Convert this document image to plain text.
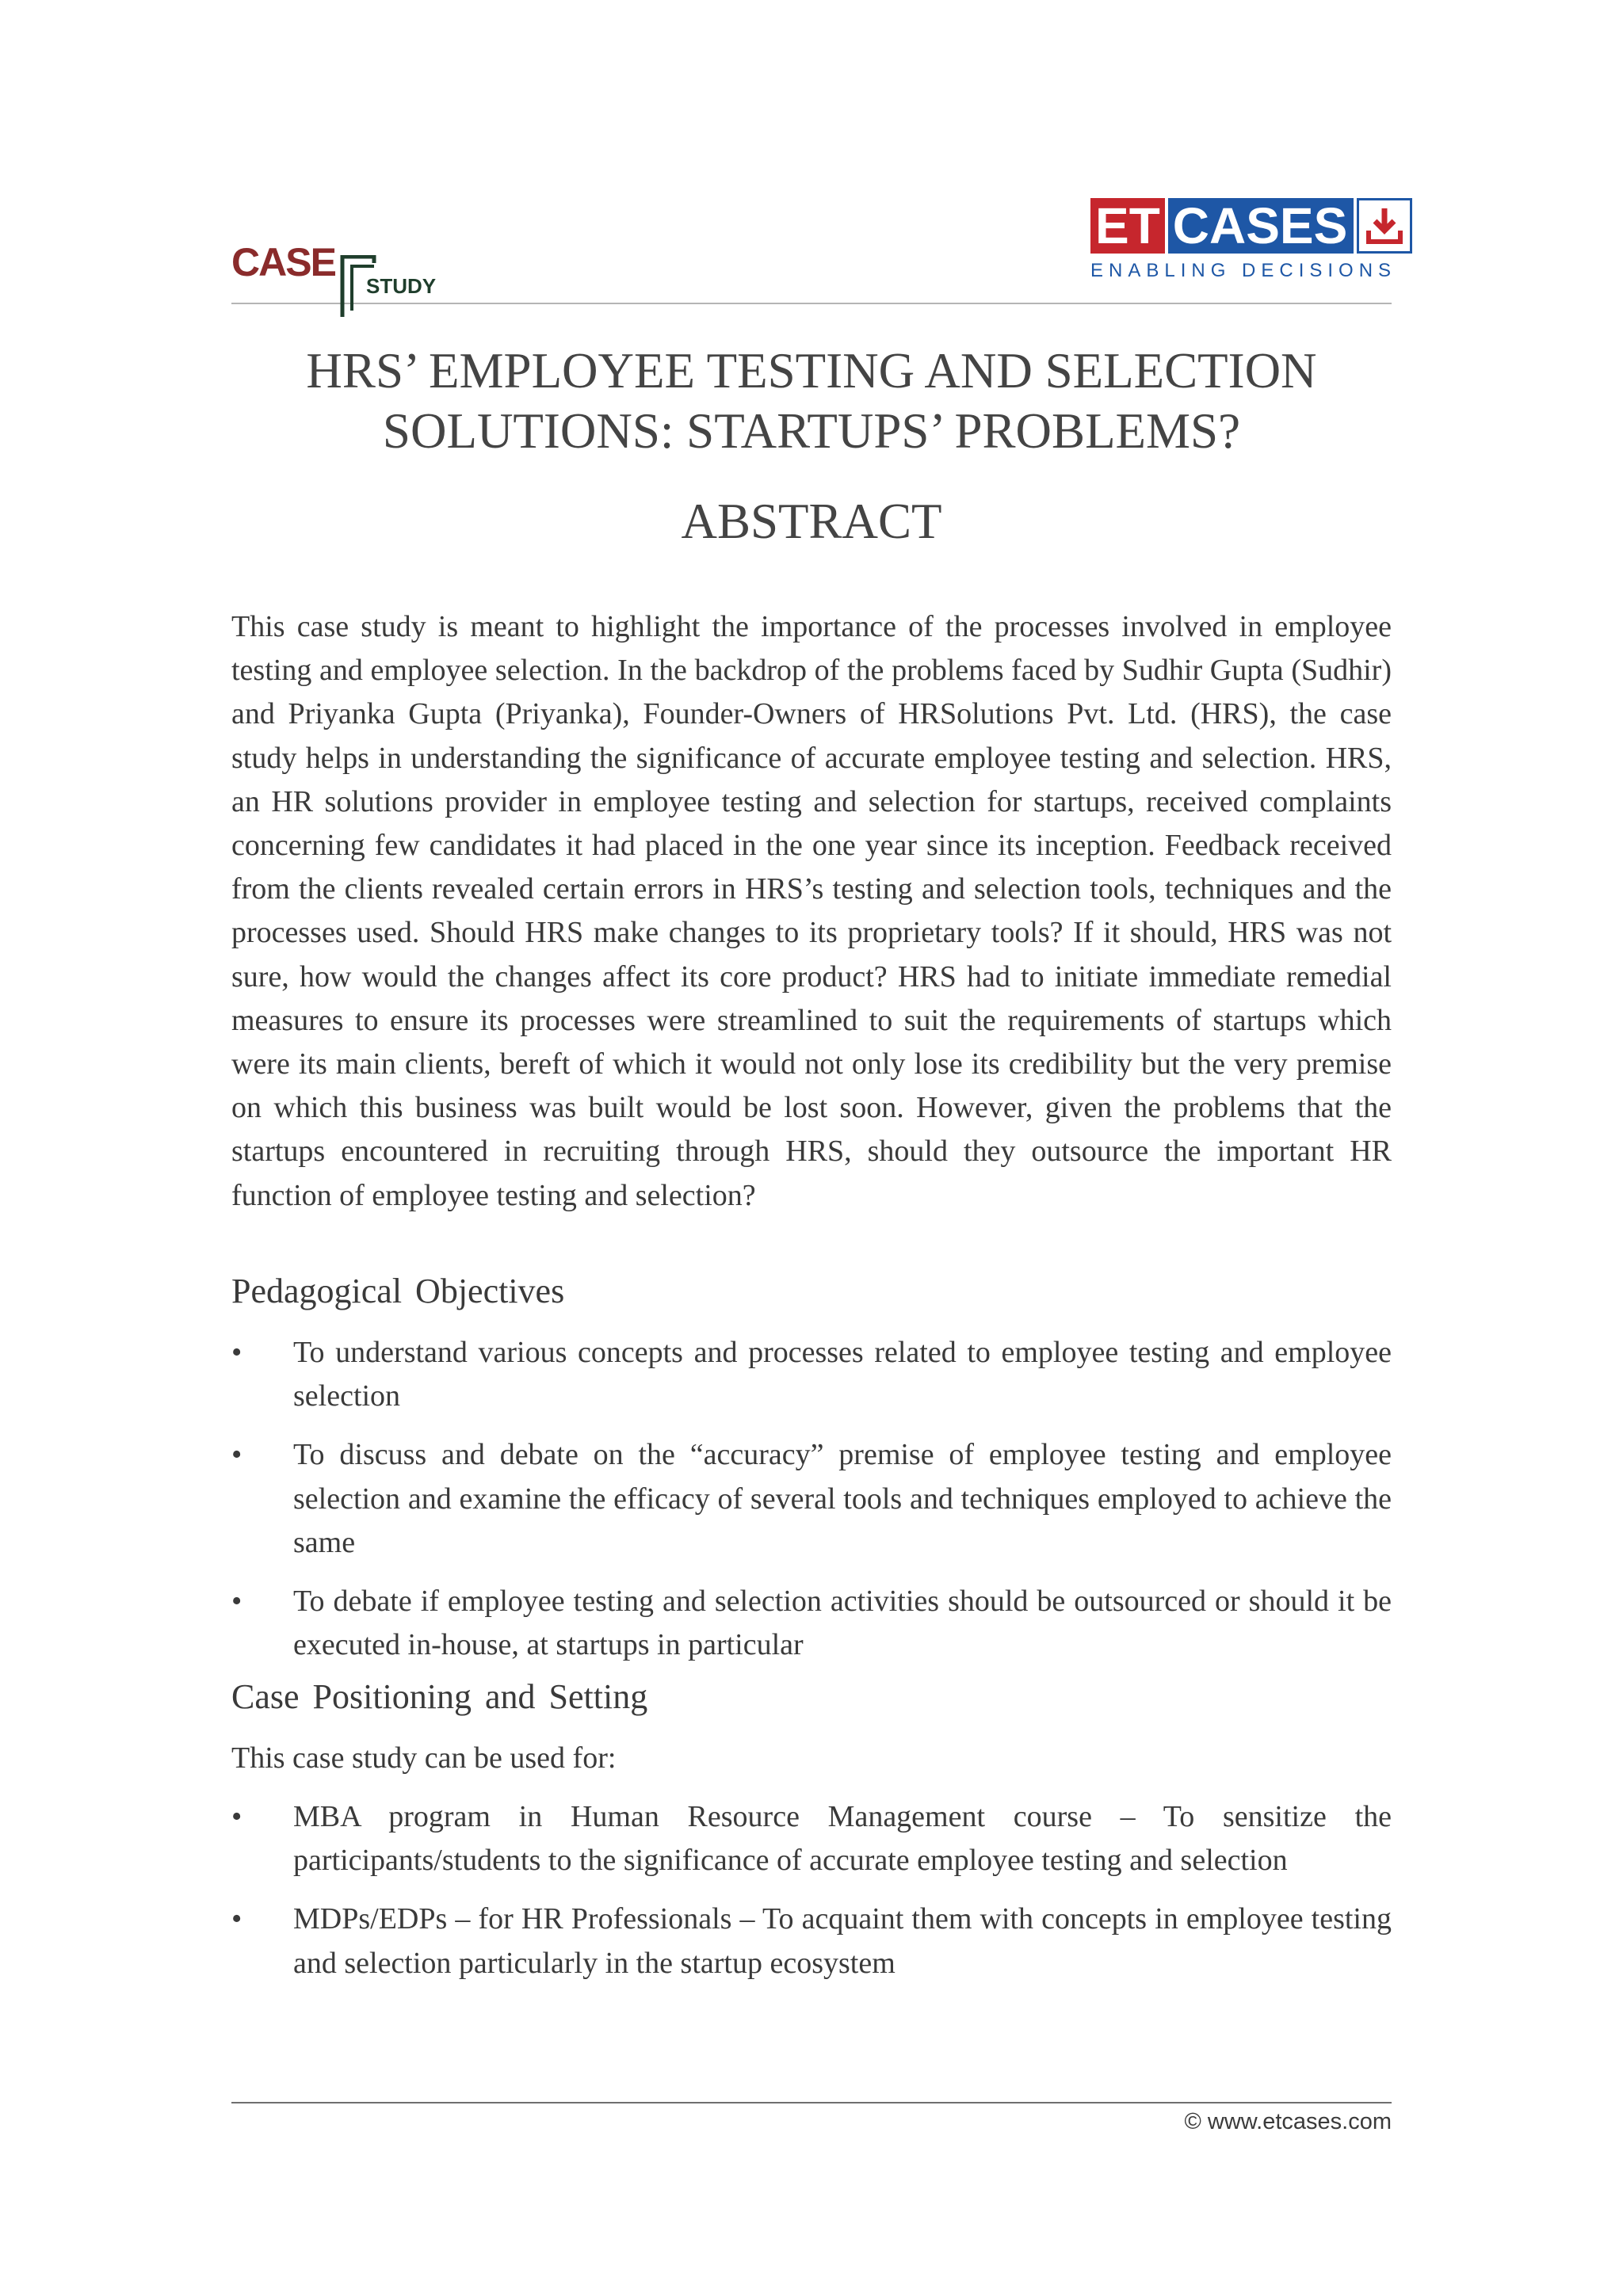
CASE
STUDY
ET CASES
ENABLING DECISIONS
HRS’ EMPLOYEE TESTING AND SELECTION
SOLUTIONS: STARTUPS’ PROBLEMS?
ABSTRACT

This case study is meant to highlight the importance of the processes involved in employee testing and employee selection. In the backdrop of the problems faced by Sudhir Gupta (Sudhir) and Priyanka Gupta (Priyanka), Founder-Owners of HRSolutions Pvt. Ltd. (HRS), the case study helps in understanding the significance of accurate employee testing and selection. HRS, an HR solutions provider in employee testing and selection for startups, received complaints concerning few candidates it had placed in the one year since its inception. Feedback received from the clients revealed certain errors in HRS’s testing and selection tools, techniques and the processes used. Should HRS make changes to its proprietary tools? If it should, HRS was not sure, how would the changes affect its core product? HRS had to initiate immediate remedial measures to ensure its processes were streamlined to suit the requirements of startups which were its main clients, bereft of which it would not only lose its credibility but the very premise on which this business was built would be lost soon. However, given the problems that the startups encountered in recruiting through HRS, should they outsource the important HR function of employee testing and selection?

Pedagogical Objectives
• To understand various concepts and processes related to employee testing and employee selection
• To discuss and debate on the “accuracy” premise of employee testing and employee selection and examine the efficacy of several tools and techniques employed to achieve the same
• To debate if employee testing and selection activities should be outsourced or should it be executed in-house, at startups in particular
Case Positioning and Setting
This case study can be used for:
• MBA program in Human Resource Management course – To sensitize the participants/students to the significance of accurate employee testing and selection
• MDPs/EDPs – for HR Professionals – To acquaint them with concepts in employee testing and selection particularly in the startup ecosystem
© www.etcases.com
